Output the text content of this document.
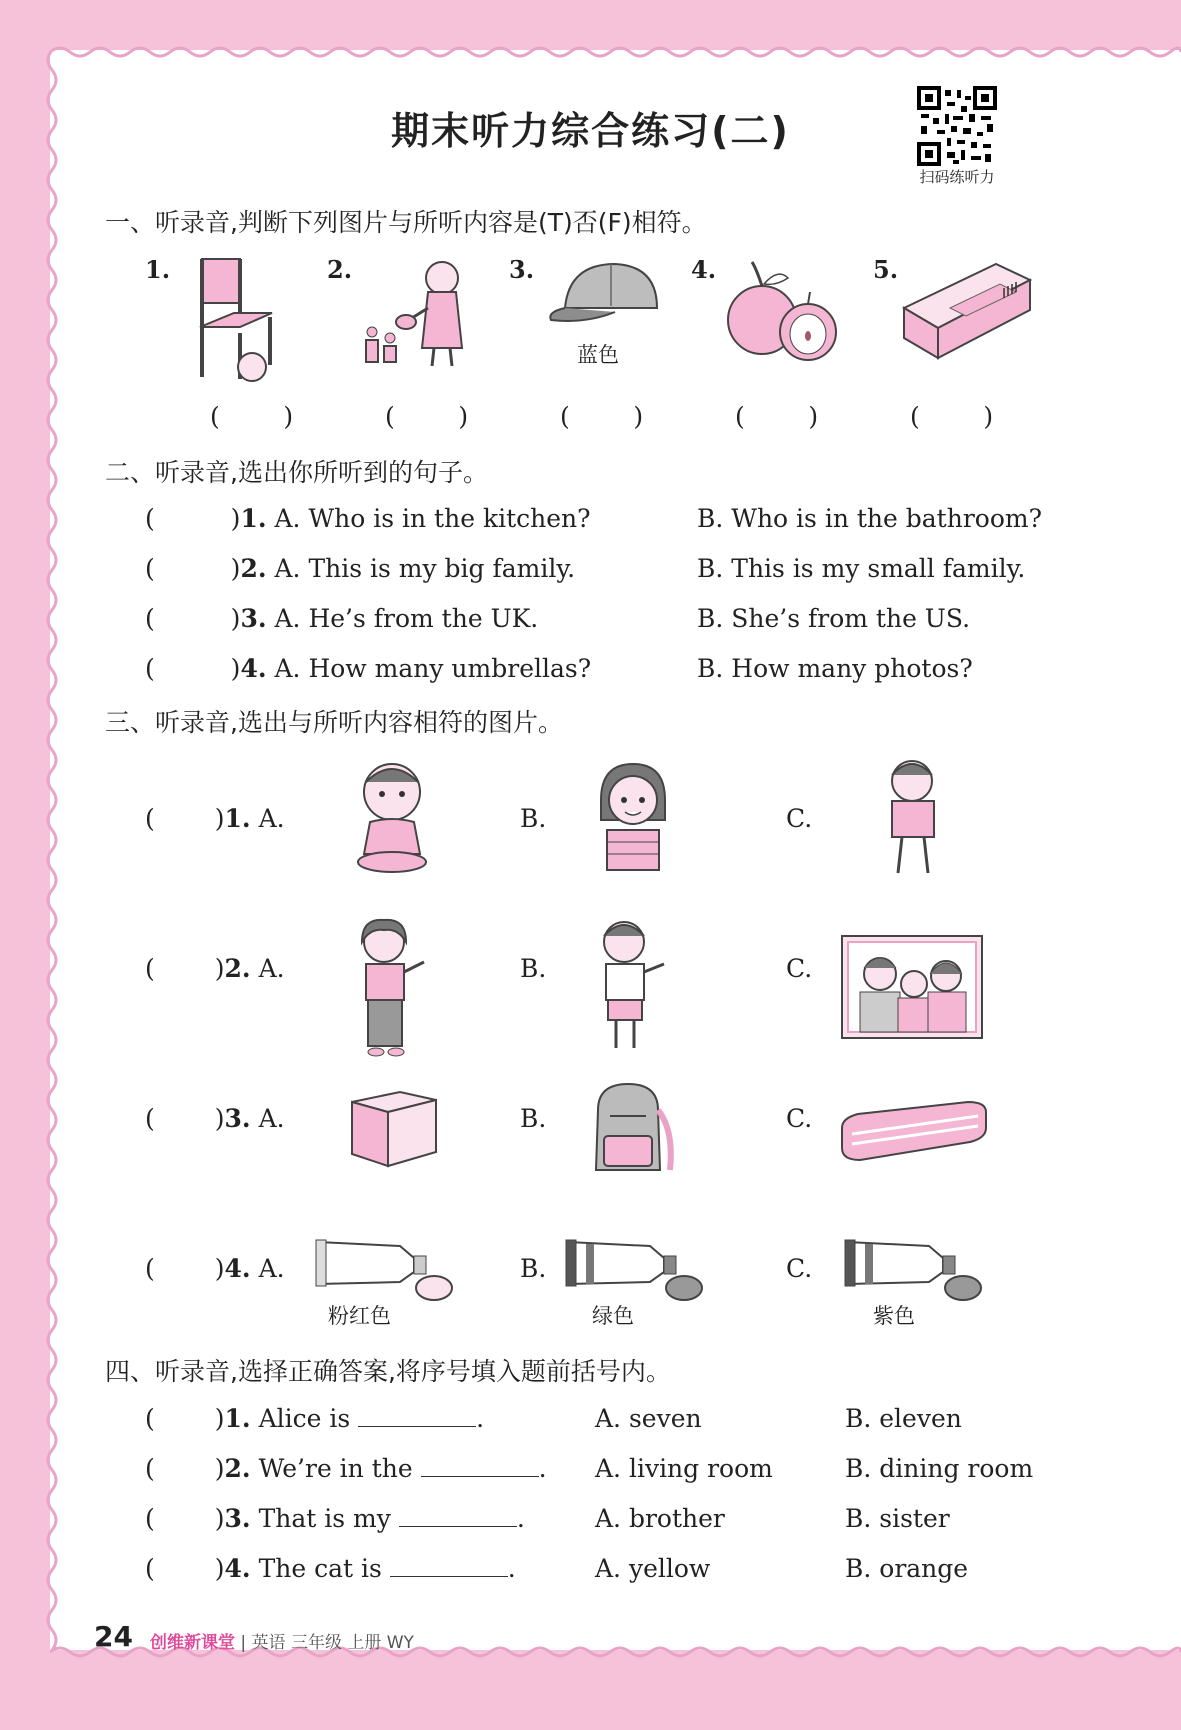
期末听力综合练习(二)
扫码练听力
一、听录音,判断下列图片与所听内容是(T)否(F)相符。
1.	2.	3.	4.	5.
蓝色
(        )	(        )	(        )	(        )	(        )
二、听录音,选出你所听到的句子。
(	)1. A. Who is in the kitchen?	B. Who is in the bathroom?
(	)2. A. This is my big family.	B. This is my small family.
(	)3. A. He’s from the UK.	B. She’s from the US.
(	)4. A. How many umbrellas?	B. How many photos?
三、听录音,选出与所听内容相符的图片。
( )1. A.	B.	C.
( )2. A.	B.	C.
( )3. A.	B.	C.
( )4. A.	B.	C.
粉红色	绿色	紫色
四、听录音,选择正确答案,将序号填入题前括号内。
( )1. Alice is	.	A. seven	B. eleven
( )2. We’re in the	. A. living room	B. dining room
( )3. That is my	.	A. brother	B. sister
( )4. The cat is	.	A. yellow	B. orange
24 创维新课堂 | 英语 三年级 上册 WY
